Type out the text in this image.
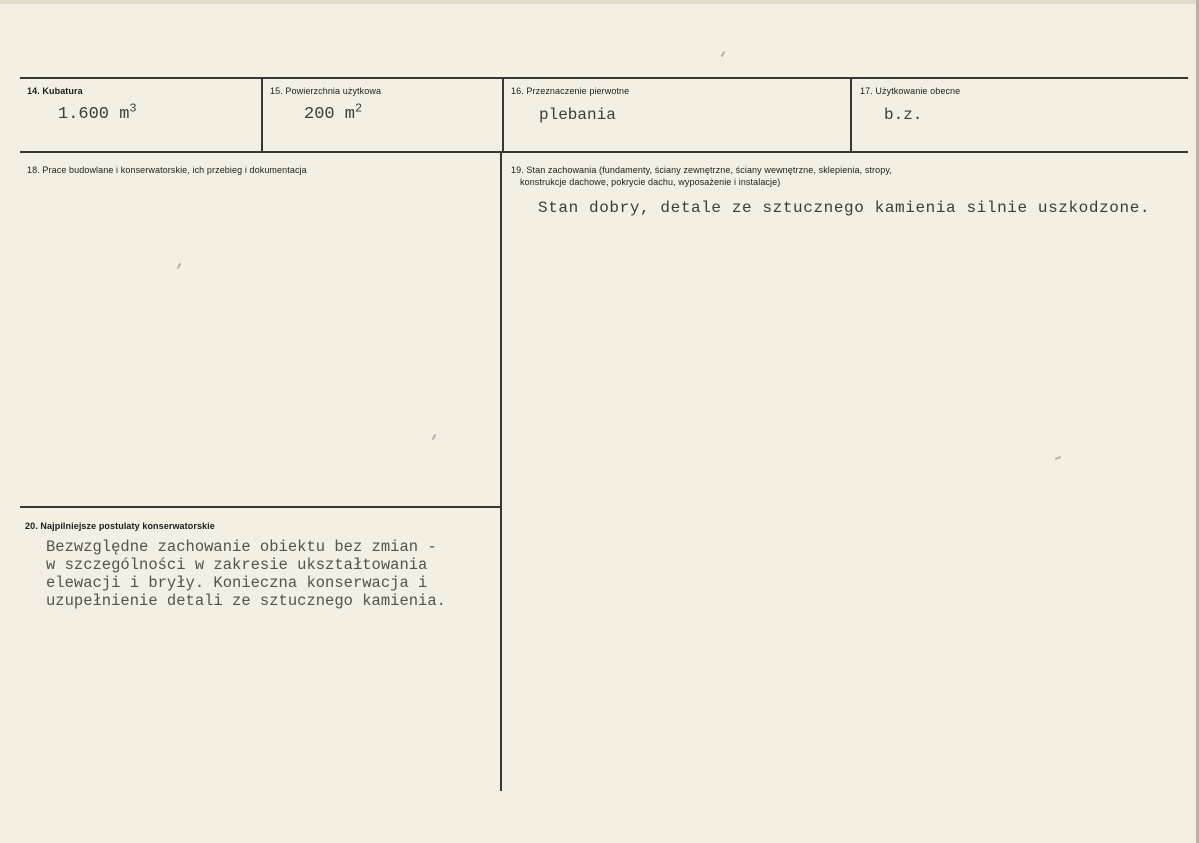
14. Kubatura
1.600 $m^3$
15. Powierzchnia użytkowa
200 $m^2$
16. Przeznaczenie pierwotne
plebania
17. Użytkowanie obecne
b.z.
18. Prace budowlane i konserwatorskie, ich przebieg i dokumentacja	19. Stan zachowania (fundamenty, ściany zewnętrzne, ściany wewnętrzne, sklepienia, stropy,
konstrukcje dachowe, pokrycie dachu, wyposażenie i instalacje)
Stan dobry, detale ze sztucznego kamienia silnie uszkodzone.
20. Najpilniejsze postulaty konserwatorskie
Bezwzględne zachowanie obiektu bez zmian -
w szczególności w zakresie ukształtowania
elewacji i bryły. Konieczna konserwacja i
uzupełnienie detali ze sztucznego kamienia.
